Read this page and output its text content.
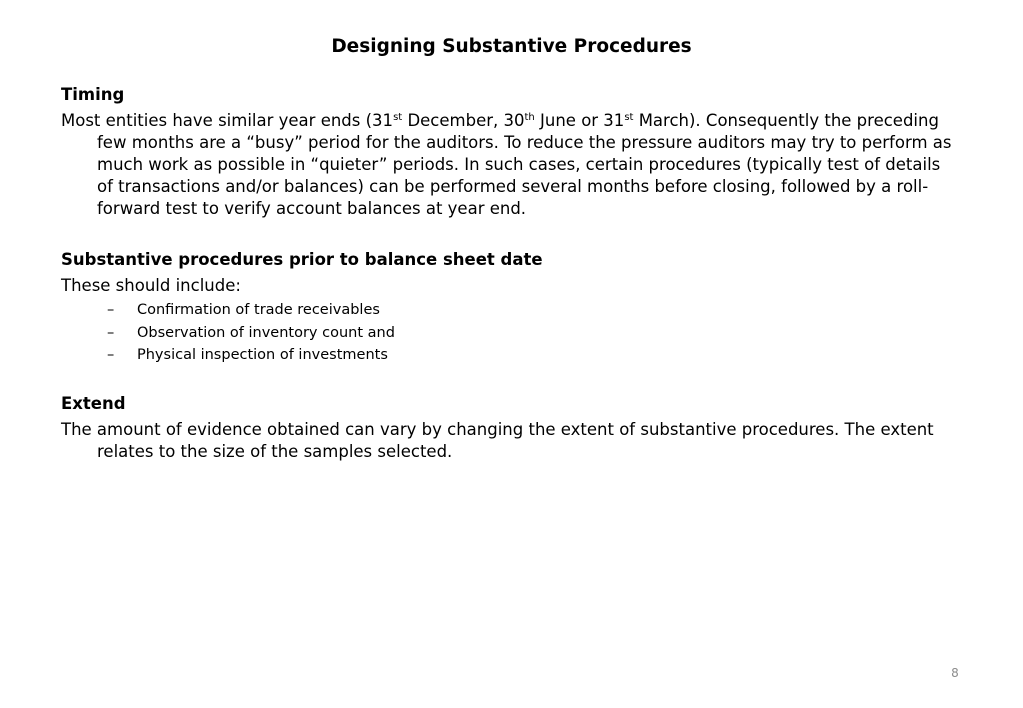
Designing Substantive Procedures

Timing

Most entities have similar year ends (31st December, 30th June or 31st March). Consequently the preceding few months are a “busy” period for the auditors. To reduce the pressure auditors may try to perform as much work as possible in “quieter” periods. In such cases, certain procedures (typically test of details of transactions and/or balances) can be performed several months before closing, followed by a roll-forward test to verify account balances at year end.

Substantive procedures prior to balance sheet date

These should include:

– Confirmation of trade receivables
– Observation of inventory count and
– Physical inspection of investments

Extend

The amount of evidence obtained can vary by changing the extent of substantive procedures. The extent relates to the size of the samples selected.

8
